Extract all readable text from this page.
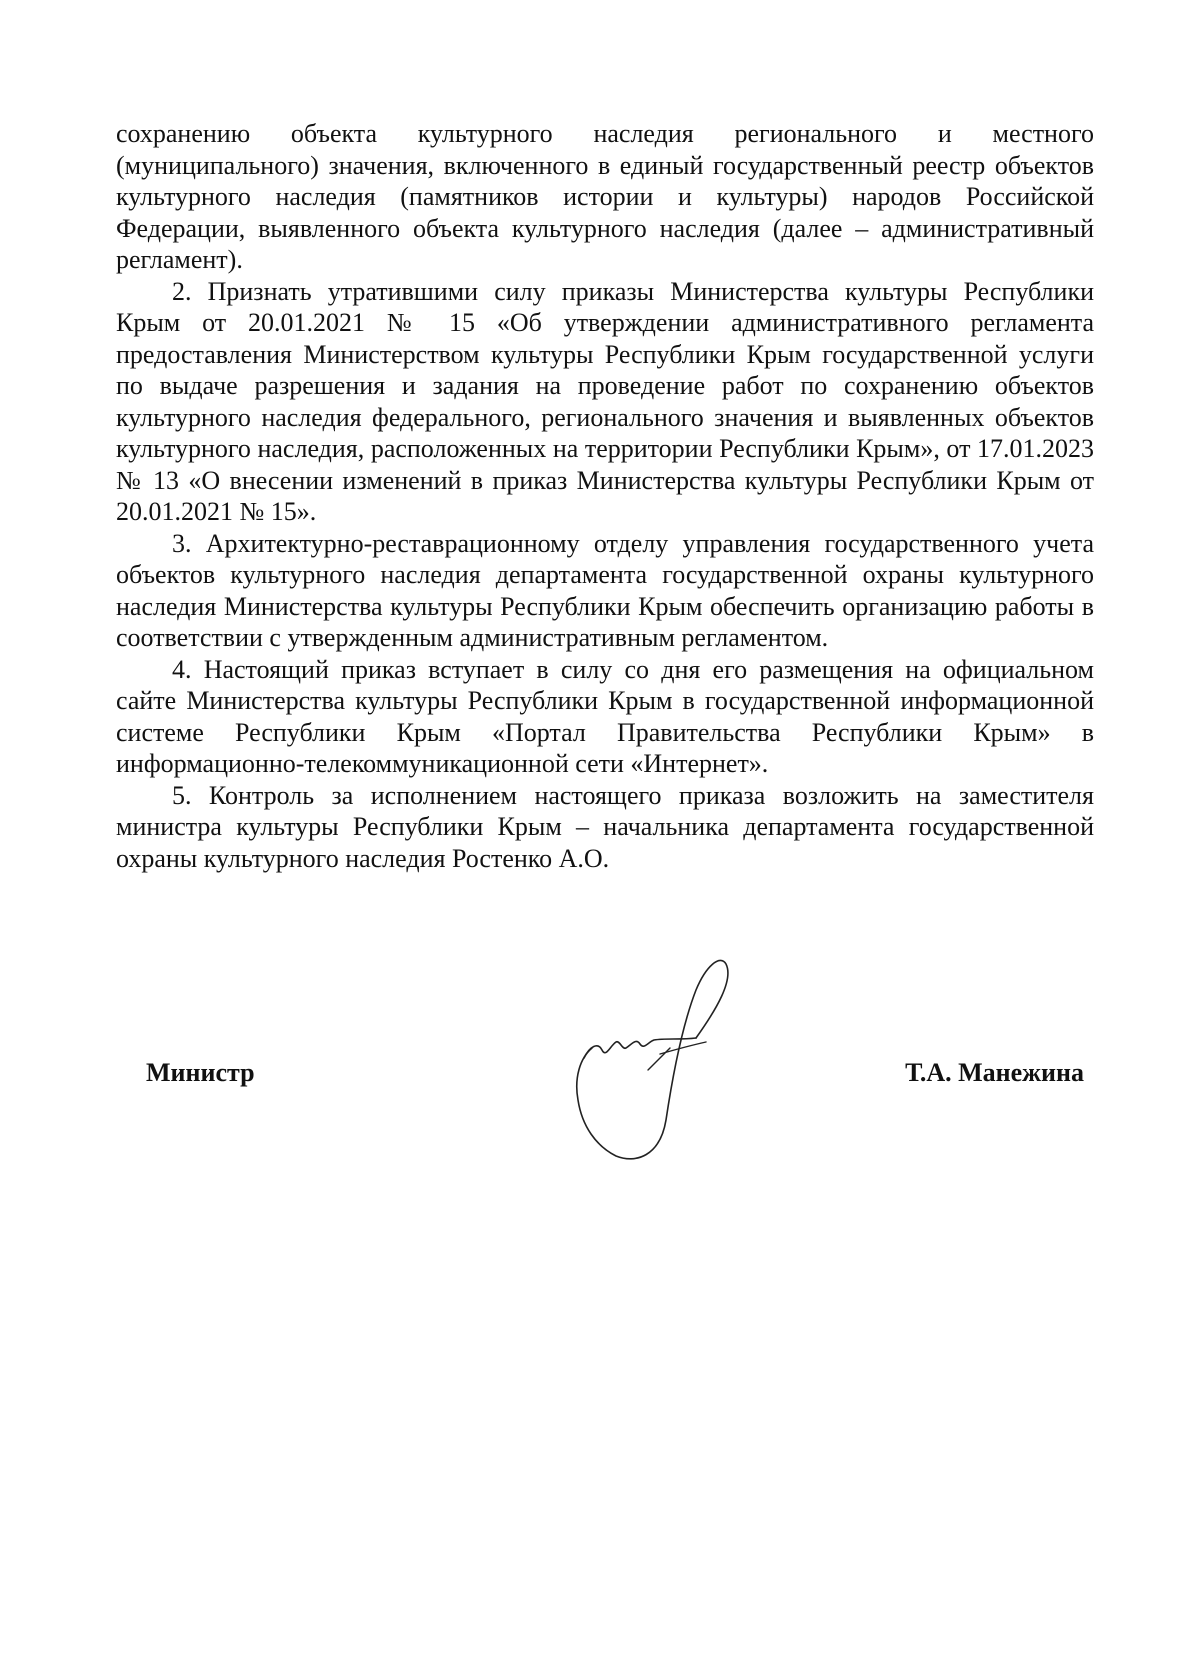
сохранению объекта культурного наследия регионального и местного (муниципального) значения, включенного в единый государственный реестр объектов культурного наследия (памятников истории и культуры) народов Российской Федерации, выявленного объекта культурного наследия (далее – административный регламент).

2. Признать утратившими силу приказы Министерства культуры Республики Крым от 20.01.2021 № 15 «Об утверждении административного регламента предоставления Министерством культуры Республики Крым государственной услуги по выдаче разрешения и задания на проведение работ по сохранению объектов культурного наследия федерального, регионального значения и выявленных объектов культурного наследия, расположенных на территории Республики Крым», от 17.01.2023 № 13 «О внесении изменений в приказ Министерства культуры Республики Крым от 20.01.2021 № 15».

3. Архитектурно-реставрационному отделу управления государственного учета объектов культурного наследия департамента государственной охраны культурного наследия Министерства культуры Республики Крым обеспечить организацию работы в соответствии с утвержденным административным регламентом.

4. Настоящий приказ вступает в силу со дня его размещения на официальном сайте Министерства культуры Республики Крым в государственной информационной системе Республики Крым «Портал Правительства Республики Крым» в информационно-телекоммуникационной сети «Интернет».

5. Контроль за исполнением настоящего приказа возложить на заместителя министра культуры Республики Крым – начальника департамента государственной охраны культурного наследия Ростенко А.О.

Министр	Т.А. Манежина
